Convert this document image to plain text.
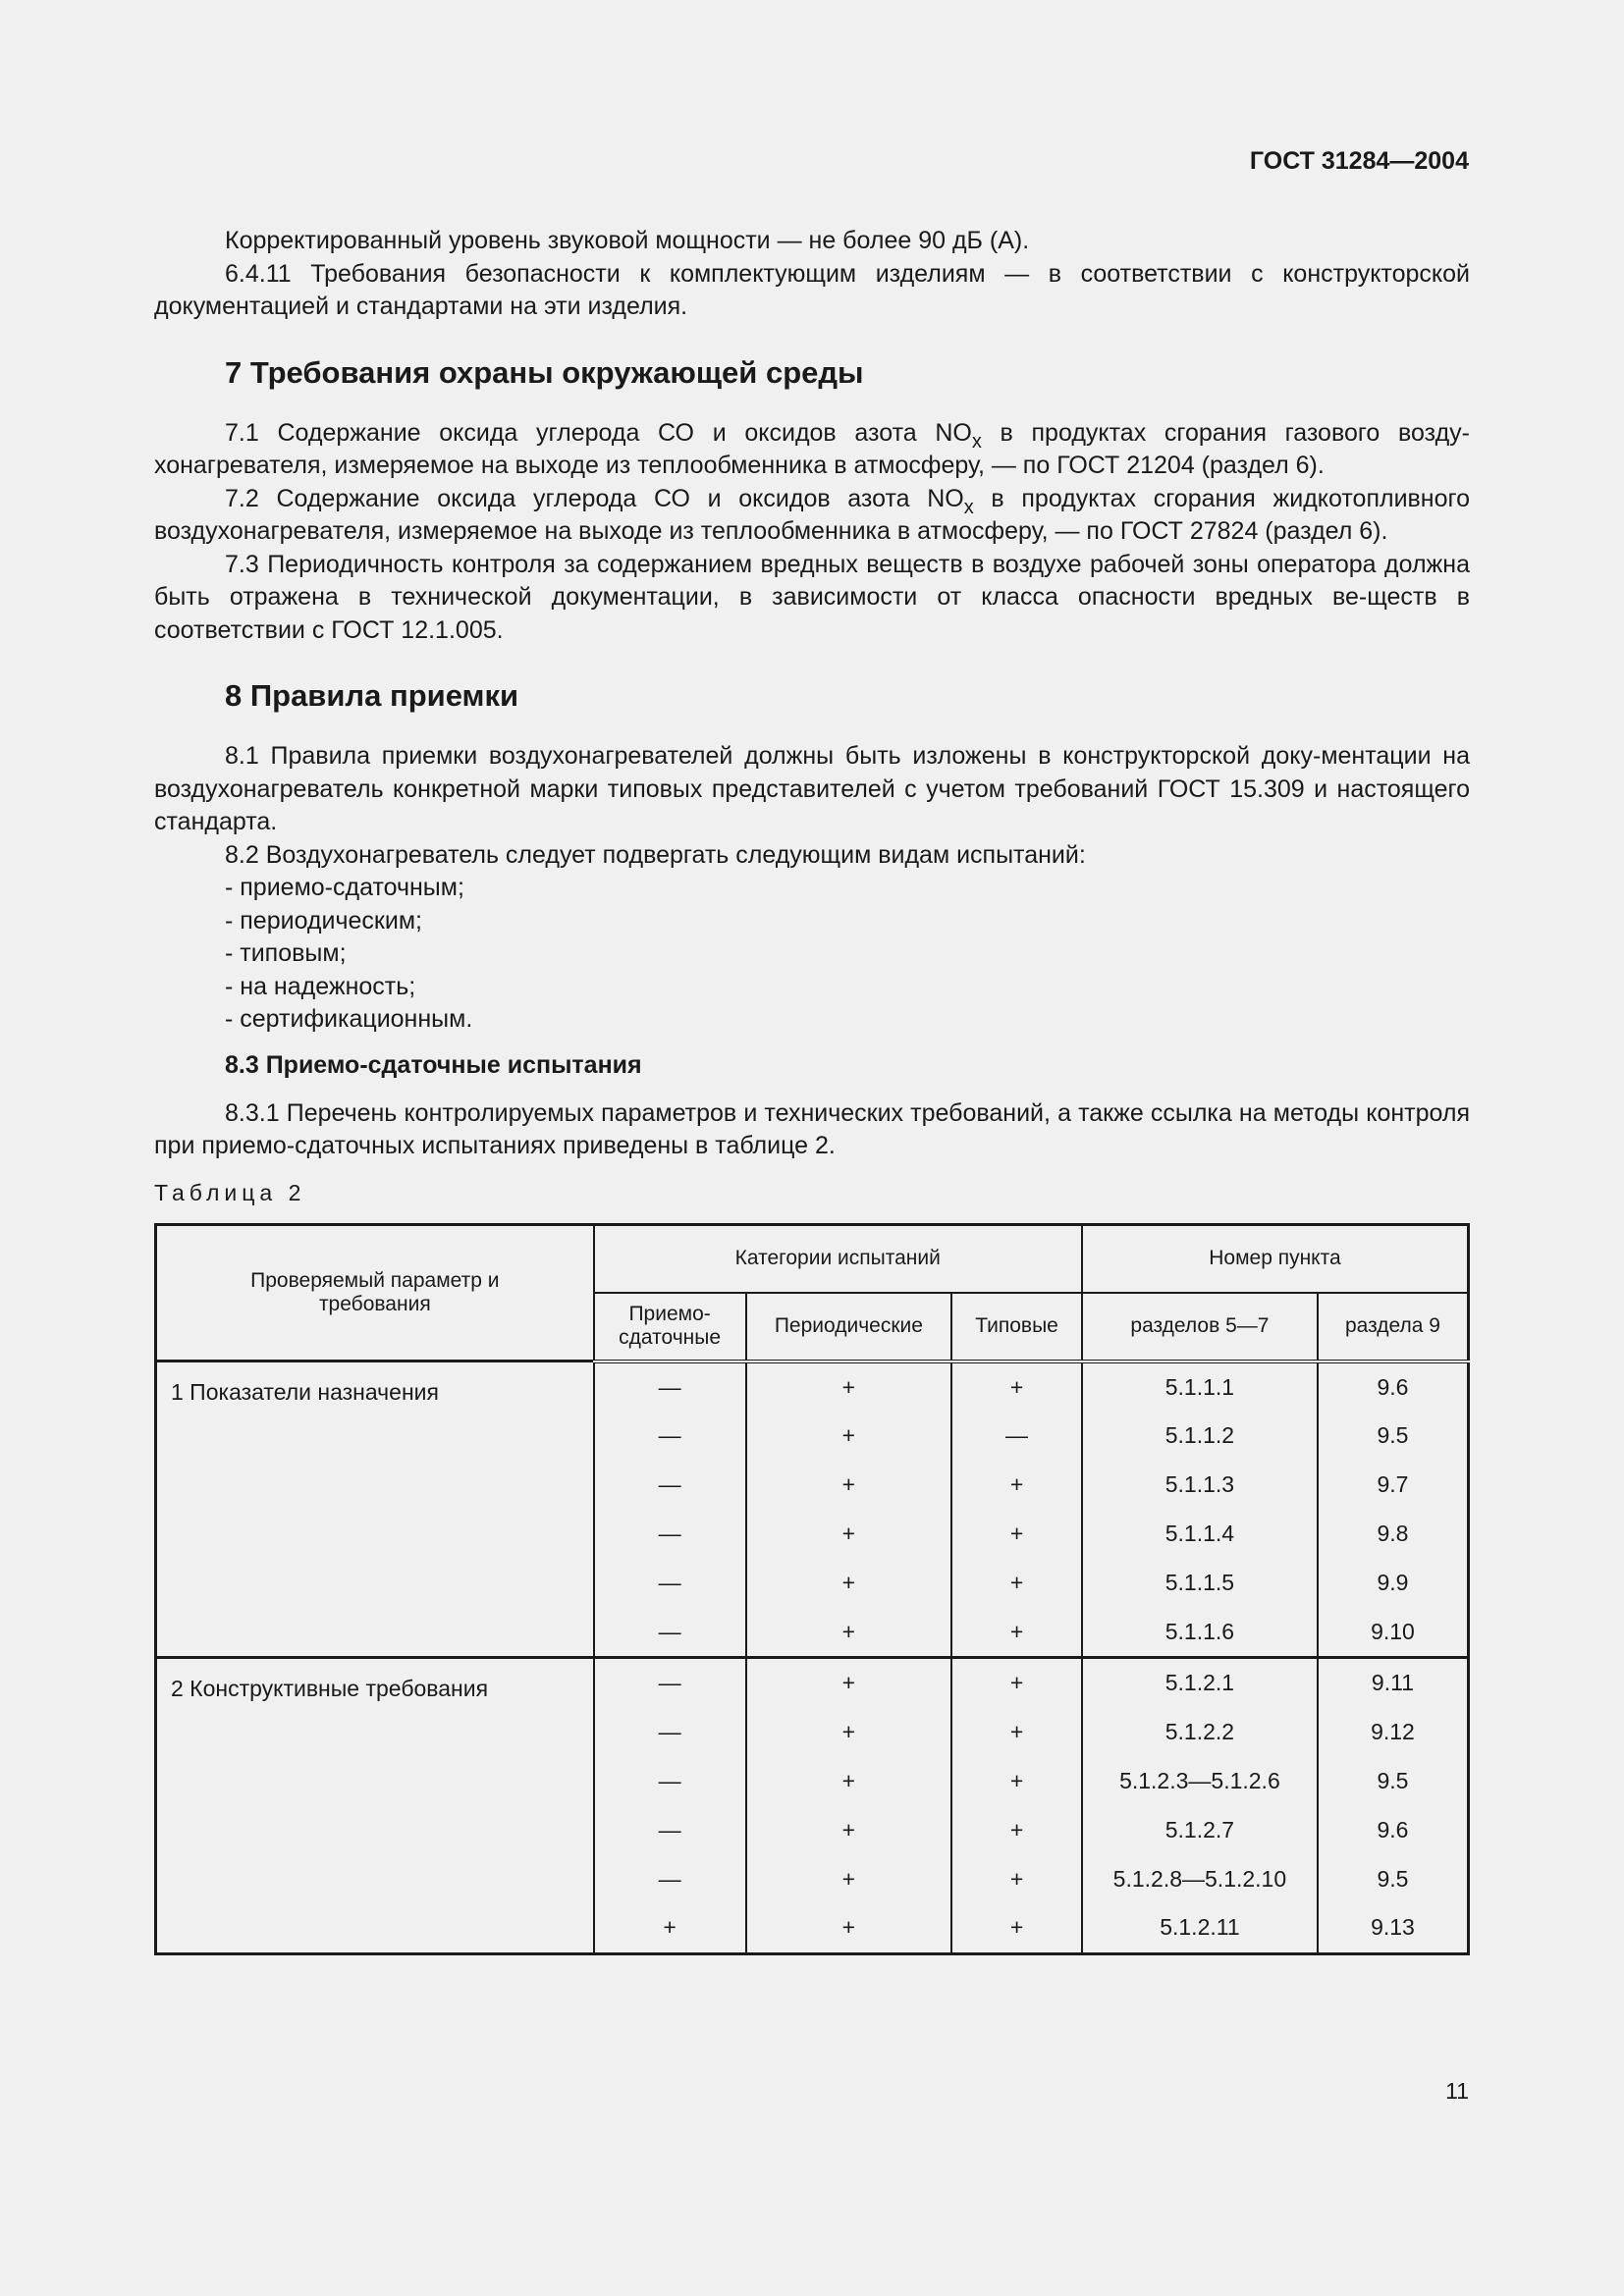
ГОСТ 31284—2004

Корректированный уровень звуковой мощности — не более 90 дБ (А).

6.4.11 Требования безопасности к комплектующим изделиям — в соответствии с конструкторской документацией и стандартами на эти изделия.

7 Требования охраны окружающей среды

7.1 Содержание оксида углерода СО и оксидов азота $NO_x$ в продуктах сгорания газового возду-хонагревателя, измеряемое на выходе из теплообменника в атмосферу, — по ГОСТ 21204 (раздел 6).

7.2 Содержание оксида углерода СО и оксидов азота $NO_x$ в продуктах сгорания жидкотопливного воздухонагревателя, измеряемое на выходе из теплообменника в атмосферу, — по ГОСТ 27824 (раздел 6).

7.3 Периодичность контроля за содержанием вредных веществ в воздухе рабочей зоны оператора должна быть отражена в технической документации, в зависимости от класса опасности вредных ве-ществ в соответствии с ГОСТ 12.1.005.

8 Правила приемки

8.1 Правила приемки воздухонагревателей должны быть изложены в конструкторской доку-ментации на воздухонагреватель конкретной марки типовых представителей с учетом требований ГОСТ 15.309 и настоящего стандарта.

8.2 Воздухонагреватель следует подвергать следующим видам испытаний:

- приемо-сдаточным;

- периодическим;

- типовым;

- на надежность;

- сертификационным.

8.3 Приемо-сдаточные испытания

8.3.1 Перечень контролируемых параметров и технических требований, а также ссылка на методы контроля при приемо-сдаточных испытаниях приведены в таблице 2.

Таблица 2

Проверяемый параметр и требования	Категории испытаний			Номер пункта	
	Приемо-сдаточные	Периодические	Типовые	разделов 5—7	раздела 9
1 Показатели назначения	—	+	+	5.1.1.1	9.6
	—	+	—	5.1.1.2	9.5
	—	+	+	5.1.1.3	9.7
	—	+	+	5.1.1.4	9.8
	—	+	+	5.1.1.5	9.9
	—	+	+	5.1.1.6	9.10
2 Конструктивные требования	—	+	+	5.1.2.1	9.11
	—	+	+	5.1.2.2	9.12
	—	+	+	5.1.2.3—5.1.2.6	9.5
	—	+	+	5.1.2.7	9.6
	—	+	+	5.1.2.8—5.1.2.10	9.5
	+	+	+	5.1.2.11	9.13
11
